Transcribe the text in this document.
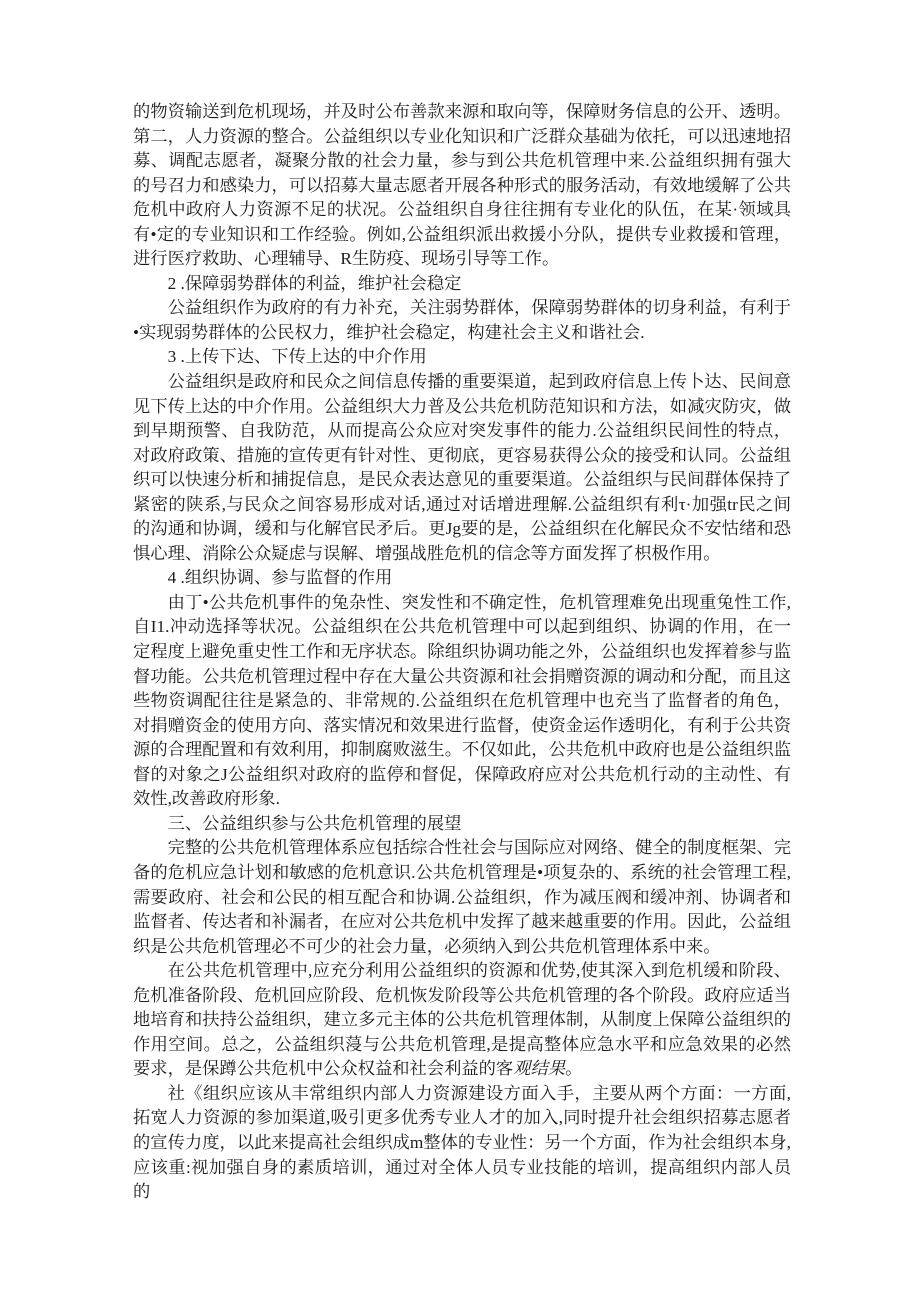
的物资输送到危机现场，并及时公布善款来源和取向等，保障财务信息的公开、透明。第二，人力资源的整合。公益组织以专业化知识和广泛群众基础为依托，可以迅速地招募、调配志愿者，凝聚分散的社会力量，参与到公共危机管理中来.公益组织拥有强大的号召力和感染力，可以招募大量志愿者开展各种形式的服务活动，有效地缓解了公共危机中政府人力资源不足的状况。公益组织自身往往拥有专业化的队伍，在某·领域具有•定的专业知识和工作经验。例如,公益组织派出救援小分队，提供专业救援和管理，进行医疗救助、心理辅导、R生防疫、现场引导等工作。

2 .保障弱势群体的利益，维护社会稳定

公益组织作为政府的有力补充，关注弱势群体，保障弱势群体的切身利益，有利于•实现弱势群体的公民权力，维护社会稳定，构建社会主义和谐社会.

3 .上传下达、下传上达的中介作用

公益组织是政府和民众之间信息传播的重要渠道，起到政府信息上传卜达、民间意见下传上达的中介作用。公益组织大力普及公共危机防范知识和方法，如减灾防灾，做到早期预警、自我防范，从而提高公众应对突发事件的能力.公益组织民间性的特点，对政府政策、措施的宣传更有针对性、更彻底，更容易获得公众的接受和认同。公益组织可以快速分析和捕捉信息，是民众表达意见的重要渠道。公益组织与民间群体保持了紧密的陕系,与民众之间容易形成对话,通过对话增进理解.公益组织有利τ·加强tr民之间的沟通和协调，缓和与化解官民矛后。更Jg要的是，公益组织在化解民众不安怙绪和恐惧心理、消除公众疑虑与误解、增强战胜危机的信念等方面发挥了枳极作用。

4 .组织协调、参与监督的作用

由丁•公共危机事件的兔杂性、突发性和不确定性，危机管理难免出现重兔性工作,自I1.冲动选择等状况。公益组织在公共危机管理中可以起到组织、协调的作用，在一定程度上避免重史性工作和无序状态。除组织协调功能之外，公益组织也发挥着参与监督功能。公共危机管理过程中存在大量公共资源和社会捐赠资源的调动和分配，而且这些物资调配往往是紧急的、非常规的.公益组织在危机管理中也充当了监督者的角色，对捐赠资金的使用方向、落实情况和效果进行监督，使资金运作透明化，有利于公共资源的合理配置和有效利用，抑制腐败滋生。不仅如此，公共危机中政府也是公益组织监督的对象之J公益组织对政府的监停和督促，保障政府应对公共危机行动的主动性、有效性,改善政府形象.

三、公益组织参与公共危机管理的展望

完整的公共危机管理体系应包括综合性社会与国际应对网络、健全的制度框架、完备的危机应急计划和敏感的危机意识.公共危机管理是•项复杂的、系统的社会管理工程,需要政府、社会和公民的相互配合和协调.公益组织，作为减压阀和缓冲剂、协调者和监督者、传达者和补漏者，在应对公共危机中发挥了越来越重要的作用。因此，公益组织是公共危机管理必不可少的社会力量，必须纳入到公共危机管理体系中来。

在公共危机管理中,应充分利用公益组织的资源和优势,使其深入到危机缓和阶段、危机准备阶段、危机回应阶段、危机恢发阶段等公共危机管理的各个阶段。政府应适当地培育和扶持公益组织，建立多元主体的公共危机管理体制，从制度上保障公益组织的作用空间。总之，公益组织蓡与公共危机管理,是提高整体应急水平和应急效果的必然要求，是保蹲公共危机中公众权益和社会利益的客观结果。

社《组织应该从丰常组织内部人力资源建设方面入手，主要从两个方面：一方面,拓宽人力资源的参加渠道,吸引更多优秀专业人才的加入,同时提升社会组织招募志愿者的宣传力度，以此来提高社会组织成m整体的专业性：另一个方面，作为社会组织本身,应该重:视加强自身的素质培训，通过对全体人员专业技能的培训，提高组织内部人员的
